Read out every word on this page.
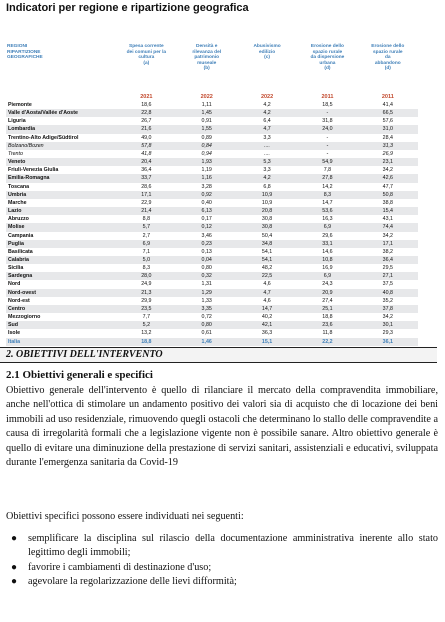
Indicatori per regione e ripartizione geografica
REGIONI
RIPARTIZIONE
GEOGRAFICHE	Spesa corrente
dei comuni per la
cultura
(a)	Densità e
rilevanza del
patrimonio
museale
(b)	Abusivismo
edilizio
(c)	Erosione dello
spazio rurale
da dispersione
urbana
(d)	Erosione dello
spazio rurale
da
abbandono
(d)
	2021	2022	2022	2011	2011
Piemonte	18,6	1,11	4,2	18,5	41,4
Valle d'Aosta/Vallée d'Aoste	22,8	1,45	4,2	-	66,5
Liguria	26,7	0,91	6,4	31,8	57,6
Lombardia	21,6	1,55	4,7	24,0	31,0
Trentino-Alto Adige/Südtirol	49,0	0,89	3,3	-	28,4
Bolzano/Bozen	57,8	0,84	....	-	31,3
Trento	41,8	0,94	....	-	26,9
Veneto	20,4	1,93	5,3	54,9	23,1
Friuli-Venezia Giulia	36,4	1,19	3,3	7,8	34,2
Emilia-Romagna	33,7	1,16	4,2	27,8	42,6
Toscana	28,6	3,28	6,8	14,2	47,7
Umbria	17,1	0,92	10,9	8,3	50,8
Marche	22,9	0,40	10,9	14,7	38,8
Lazio	21,4	6,13	20,8	53,6	15,4
Abruzzo	8,8	0,17	30,8	16,3	43,1
Molise	5,7	0,12	30,8	6,9	74,4
Campania	2,7	3,46	50,4	29,6	34,2
Puglia	6,9	0,23	34,8	33,1	17,1
Basilicata	7,1	0,13	54,1	14,6	38,2
Calabria	5,0	0,04	54,1	10,8	36,4
Sicilia	8,3	0,80	48,2	16,9	29,5
Sardegna	28,0	0,32	22,5	6,9	27,1
Nord	24,9	1,31	4,6	24,3	37,5
Nord-ovest	21,3	1,29	4,7	20,9	40,8
Nord-est	29,9	1,33	4,6	27,4	35,2
Centro	23,5	3,35	14,7	25,1	37,8
Mezzogiorno	7,7	0,72	40,2	18,8	34,2
Sud	5,2	0,80	42,1	23,6	30,1
Isole	13,2	0,61	36,3	11,8	29,3
Italia	18,8	1,46	15,1	22,2	36,1
2. OBIETTIVI DELL'INTERVENTO
2.1 Obiettivi generali e specifici

Obiettivo generale dell'intervento è quello di rilanciare il mercato della compravendita immobiliare, anche nell'ottica di stimolare un andamento positivo dei valori sia di acquisto che di locazione dei beni immobili ad uso residenziale, rimuovendo quegli ostacoli che determinano lo stallo delle compravendite a causa di irregolarità formali che a legislazione vigente non è possibile sanare. Altro obiettivo generale è quello di evitare una diminuzione della prestazione di servizi sanitari, assistenziali e educativi, sviluppata durante l'emergenza sanitaria da Covid-19

Obiettivi specifici possono essere individuati nei seguenti:

● semplificare la disciplina sul rilascio della documentazione amministrativa inerente allo stato legittimo degli immobili;
● favorire i cambiamenti di destinazione d'uso;
● agevolare la regolarizzazione delle lievi difformità;
